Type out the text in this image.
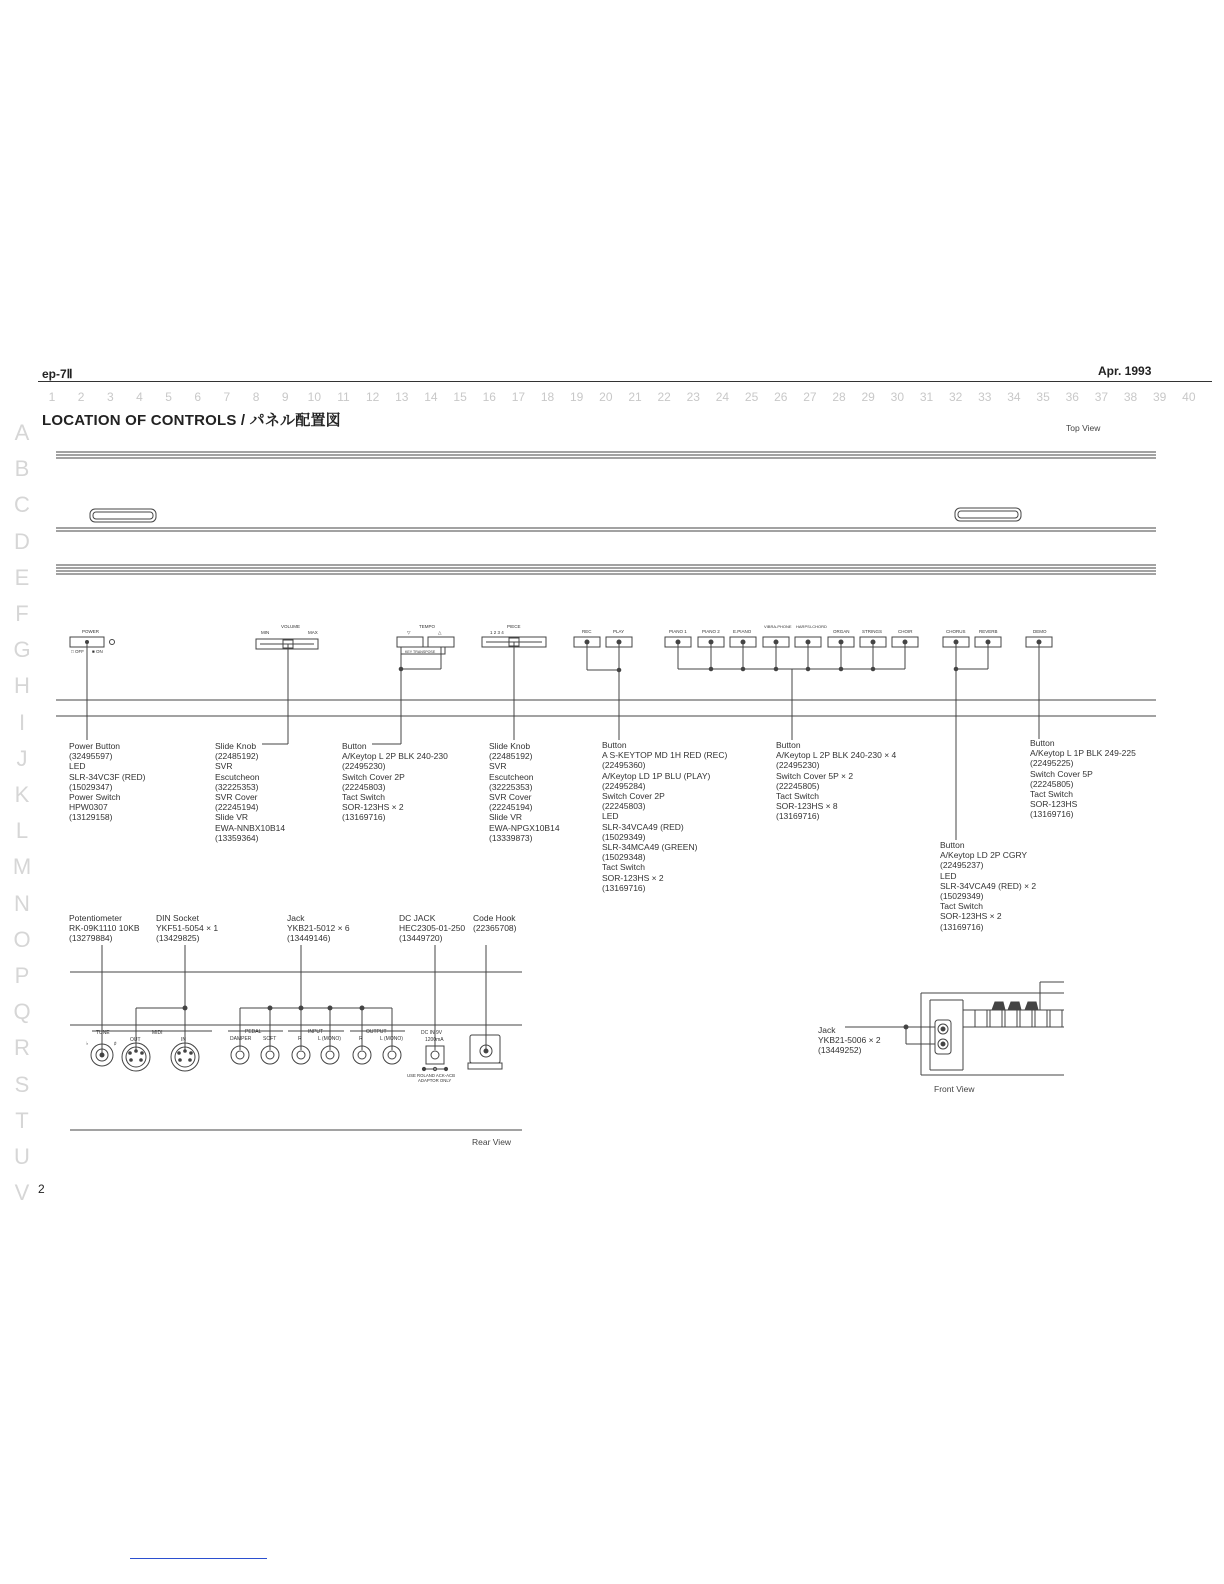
ep-7Ⅱ	Apr. 1993
1 2 3 4 5 6 7 8 9 10 11 12 13 14 15 16 17 18 19 20 21 22 23 24 25 26 27 28 29 30 31 32 33 34 35 36 37 38 39 40
A
B
C
D
E
F
G
H
I
J
K
L
M
N
O
P
Q
R
S
T
U
V
LOCATION OF CONTROLS / パネル配置図	Top View
POWER
□ OFF ■ ON
VOLUME
MIN	MAX
TEMPO
▽	△
KEY TRANSPOSE
PIECE
1 2 3 4	REC	PLAY	PIANO 1	PIANO 2	E.PIANO
VIBRA-PHONE HARPSI-CHORD
ORGAN	STRINGS	CHOIR	CHORUS	REVERB	DEMO
TUNE
♭	♯
MIDI
OUT	IN
PEDAL
DAMPER SOFT
INPUT
R	L (MONO)
OUTPUT
R	L (MONO)
DC IN 9V
1200mA
USE ROLAND ACK-ACB
ADAPTOR ONLY
Power Button
(32495597)
LED
SLR-34VC3F (RED)
(15029347)
Power Switch
HPW0307
(13129158)
Slide Knob
(22485192)
SVR
Escutcheon
(32225353)
SVR Cover
(22245194)
Slide VR
EWA-NNBX10B14
(13359364)
Button
A/Keytop L 2P BLK 240-230
(22495230)
Switch Cover 2P
(22245803)
Tact Switch
SOR-123HS × 2
(13169716)
Slide Knob
(22485192)
SVR
Escutcheon
(32225353)
SVR Cover
(22245194)
Slide VR
EWA-NPGX10B14
(13339873)
Button
A S-KEYTOP MD 1H RED (REC)
(22495360)
A/Keytop LD 1P BLU (PLAY)
(22495284)
Switch Cover 2P
(22245803)
LED
SLR-34VCA49 (RED)
(15029349)
SLR-34MCA49 (GREEN)
(15029348)
Tact Switch
SOR-123HS × 2
(13169716)
Button
A/Keytop L 2P BLK 240-230 × 4
(22495230)
Switch Cover 5P × 2
(22245805)
Tact Switch
SOR-123HS × 8
(13169716)
Button
A/Keytop L 1P BLK 249-225
(22495225)
Switch Cover 5P
(22245805)
Tact Switch
SOR-123HS
(13169716)
Button
A/Keytop LD 2P CGRY
(22495237)
LED
SLR-34VCA49 (RED) × 2
(15029349)
Tact Switch
SOR-123HS × 2
(13169716)
Potentiometer
RK-09K1110 10KB
(13279884)
DIN Socket
YKF51-5054 × 1
(13429825)
Jack
YKB21-5012 × 6
(13449146)
DC JACK
HEC2305-01-250
(13449720)
Code Hook
(22365708)
Jack
YKB21-5006 × 2
(13449252)
Rear View
Front View
2
